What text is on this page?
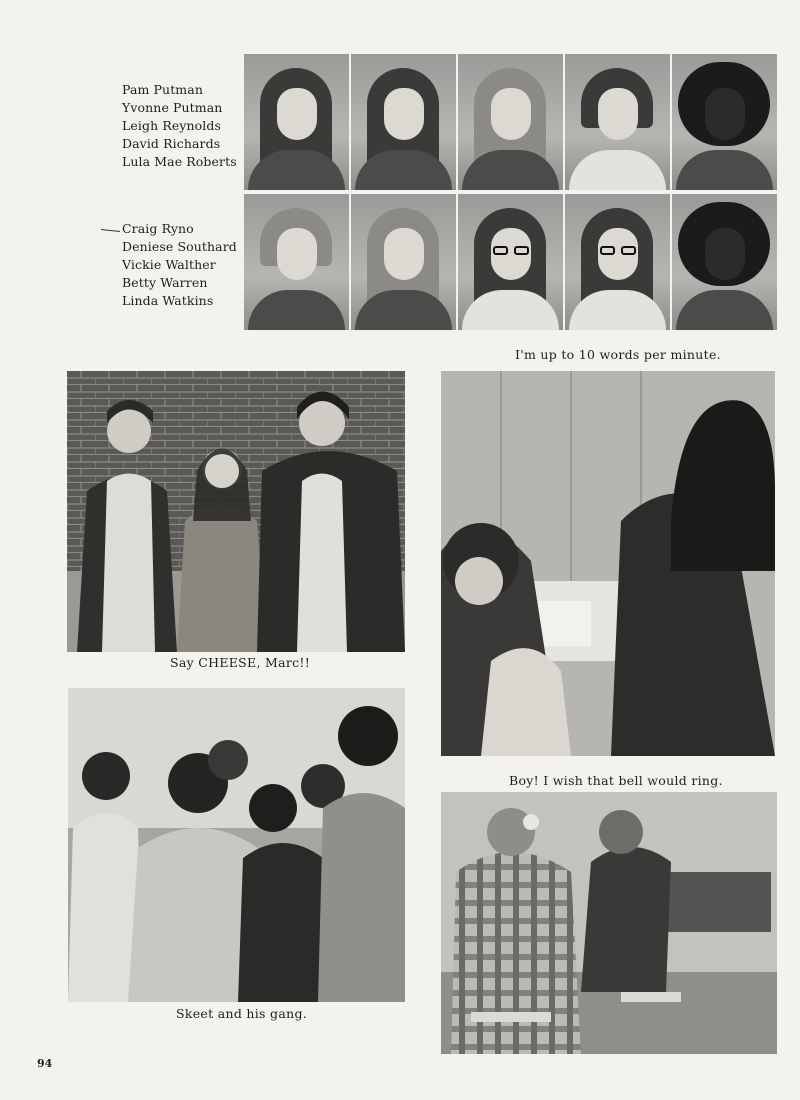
Pam Putman
Yvonne Putman
Leigh Reynolds
David Richards
Lula Mae Roberts
Craig Ryno
Deniese Southard
Vickie Walther
Betty Warren
Linda Watkins
Say CHEESE, Marc!!
Skeet and his gang.
I'm up to 10 words per minute.
Boy! I wish that bell would ring.
94
